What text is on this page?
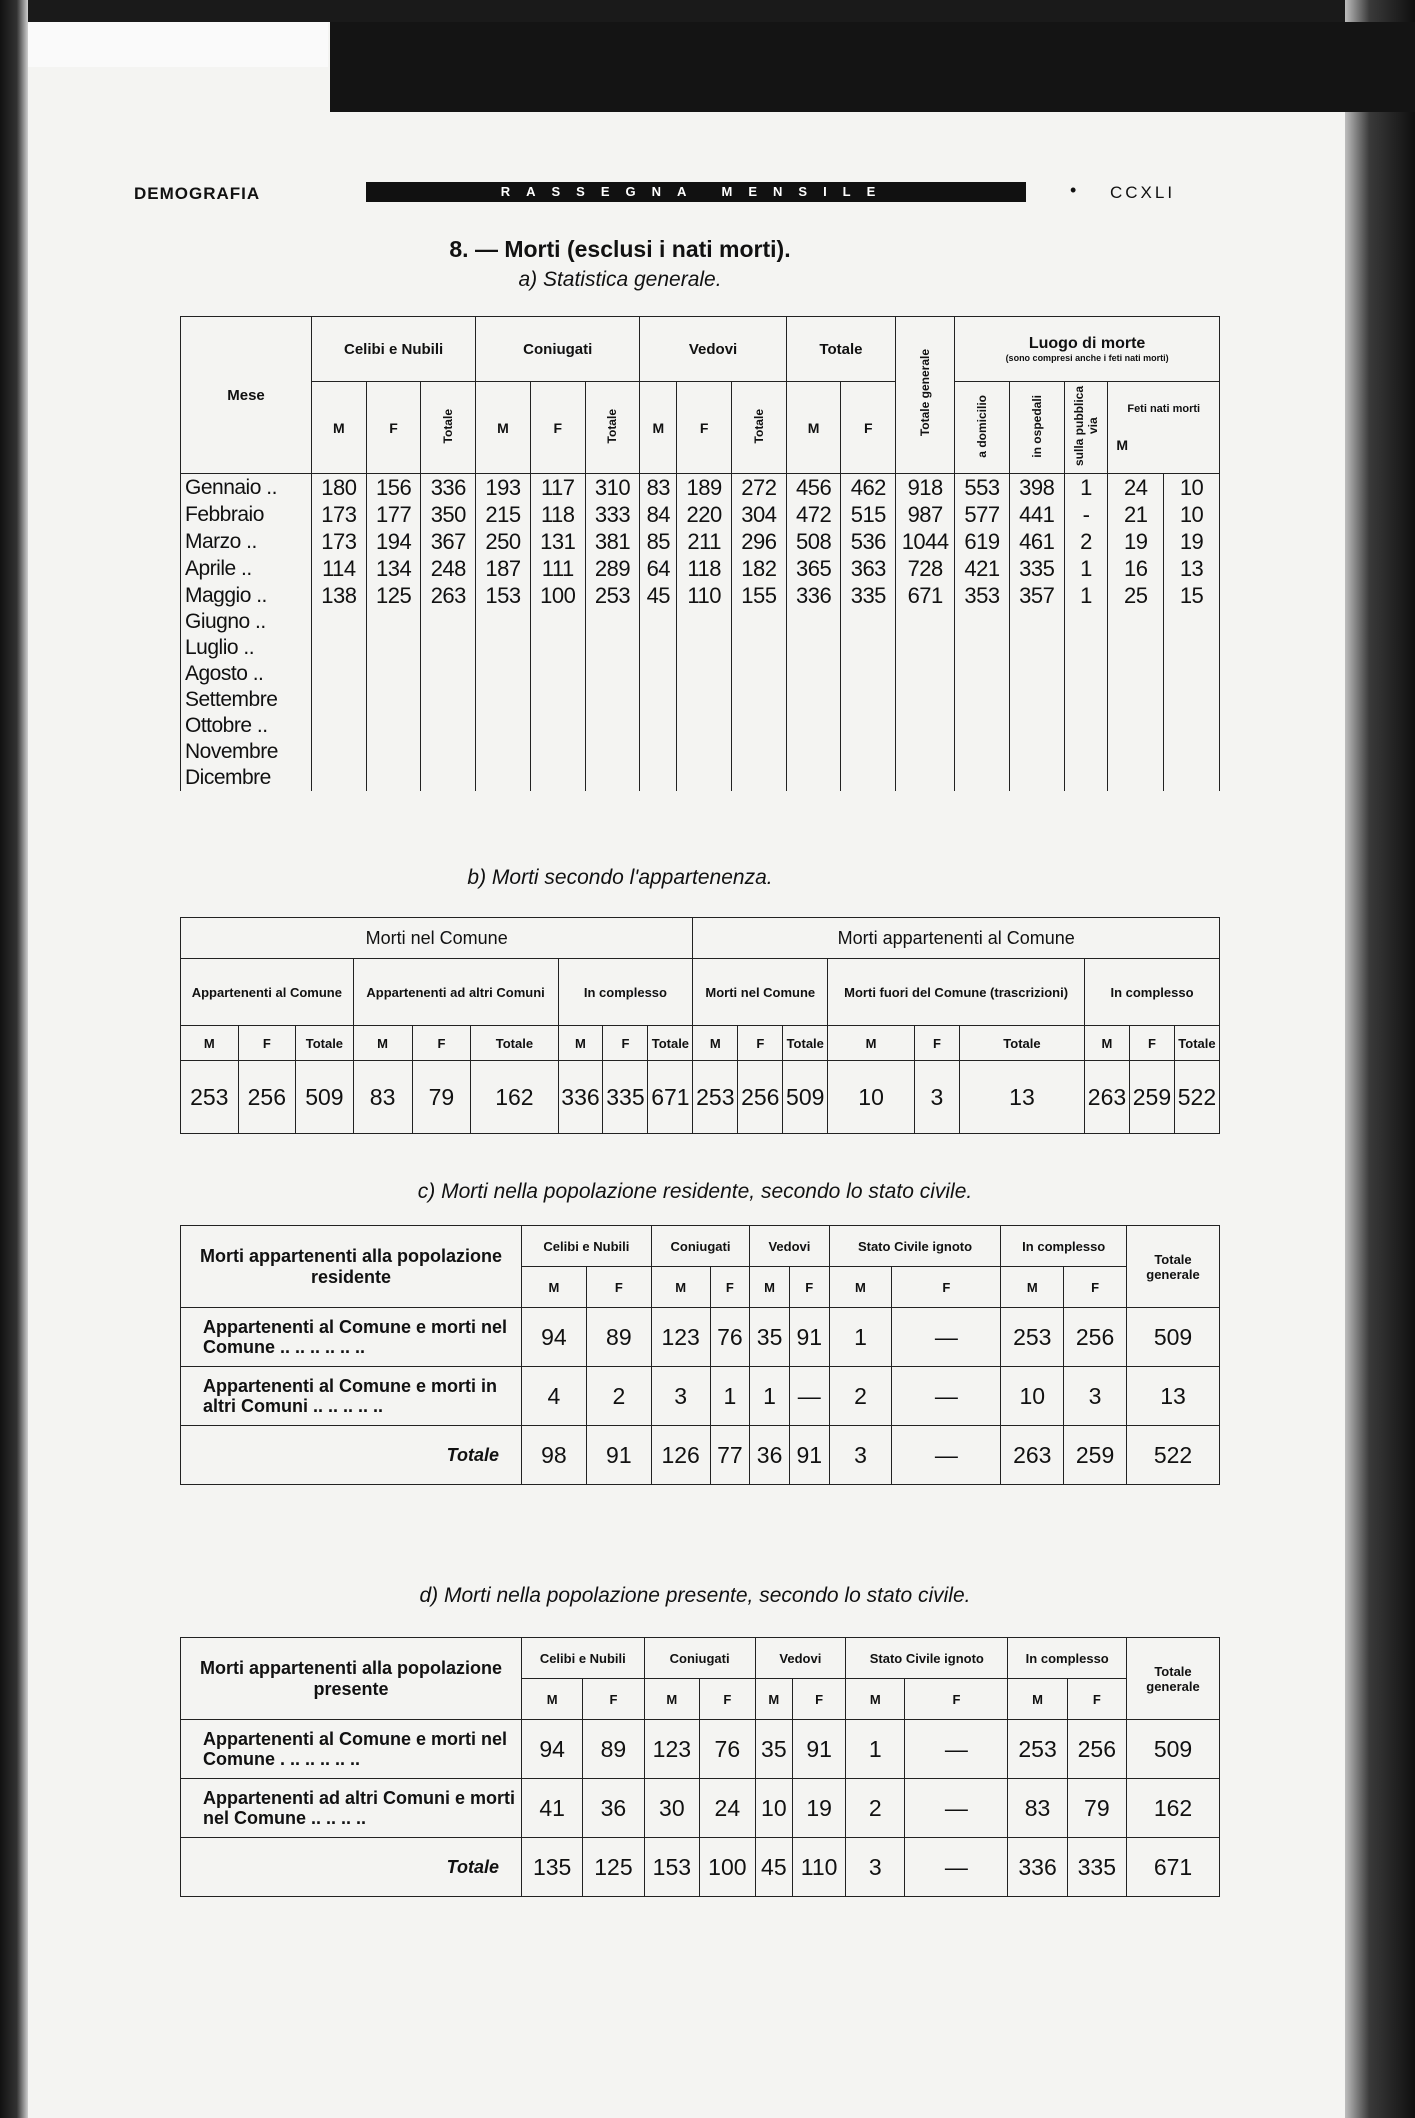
DEMOGRAFIA	RASSEGNA MENSILE	• CCXLI
8. — Morti (esclusi i nati morti).
a) Statistica generale.
Mese	Celibi e Nubili			Coniugati			Vedovi			Totale		Totale generale	Luogo di morte
(sono compresi anche i feti nati morti)				

	M	F	Totale	M	F	Totale	M	F	Totale	M	F		a domicilio	in ospedali	sulla pubblica via	Feti nati morti
M	

Gennaio ..	180	156	336	193	117	310	83	189	272	456	462	918	553	398	1	24	10
Febbraio	173	177	350	215	118	333	84	220	304	472	515	987	577	441	-	21	10
Marzo ..	173	194	367	250	131	381	85	211	296	508	536	1044	619	461	2	19	19
Aprile ..	114	134	248	187	111	289	64	118	182	365	363	728	421	335	1	16	13
Maggio ..	138	125	263	153	100	253	45	110	155	336	335	671	353	357	1	25	15
Giugno ..																	
Luglio ..																	
Agosto ..																	
Settembre																	
Ottobre ..																	
Novembre																	
Dicembre																	
b) Morti secondo l'appartenenza.
Morti nel Comune									Morti appartenenti al Comune								
Appartenenti al Comune			Appartenenti ad altri Comuni			In complesso			Morti nel Comune			Morti fuori del Comune (trascrizioni)			In complesso		
M	F	Totale	M	F	Totale	M	F	Totale	M	F	Totale	M	F	Totale	M	F	Totale
253	256	509	83	79	162	336	335	671	253	256	509	10	3	13	263	259	522
c) Morti nella popolazione residente, secondo lo stato civile.
Morti appartenenti alla popolazione residente	Celibi e Nubili		Coniugati		Vedovi		Stato Civile ignoto		In complesso		Totale generale
	M	F	M	F	M	F	M	F	M	F	
Appartenenti al Comune e morti nel Comune .. .. .. .. .. ..	94	89	123	76	35	91	1	—	253	256	509
Appartenenti al Comune e morti in altri Comuni .. .. .. .. ..	4	2	3	1	1	—	2	—	10	3	13
Totale	98	91	126	77	36	91	3	—	263	259	522
d) Morti nella popolazione presente, secondo lo stato civile.
Morti appartenenti alla popolazione presente	Celibi e Nubili		Coniugati		Vedovi		Stato Civile ignoto		In complesso		Totale generale
	M	F	M	F	M	F	M	F	M	F	
Appartenenti al Comune e morti nel Comune . .. .. .. .. ..	94	89	123	76	35	91	1	—	253	256	509
Appartenenti ad altri Comuni e morti nel Comune .. .. .. ..	41	36	30	24	10	19	2	—	83	79	162
Totale	135	125	153	100	45	110	3	—	336	335	671
